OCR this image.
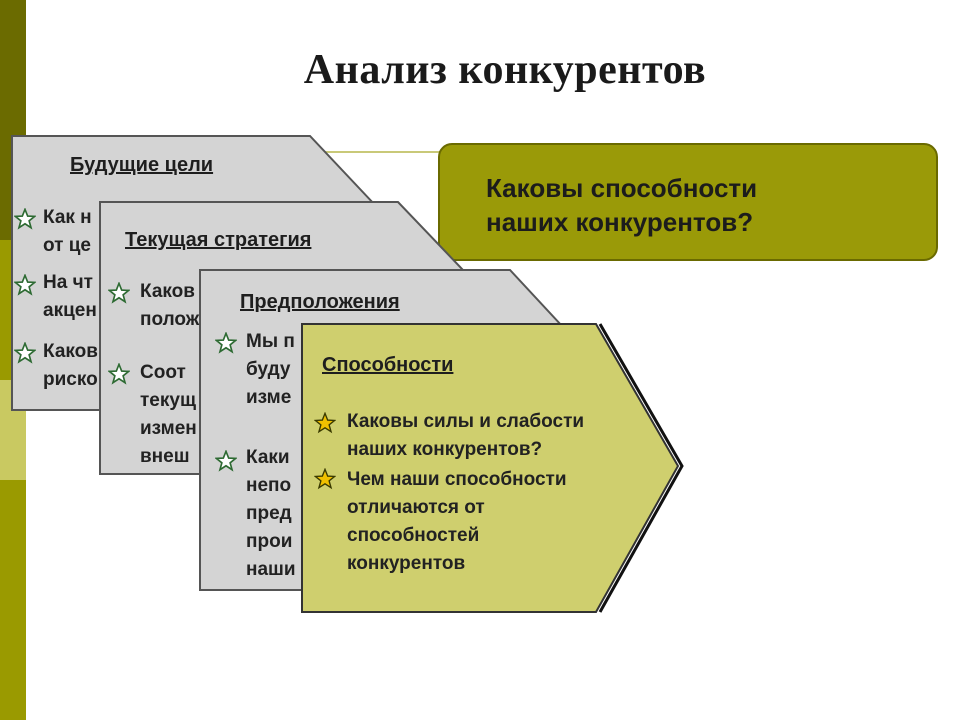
Анализ конкурентов

Каковы способности
наших конкурентов?

Будущие цели
Как н
от це
На чт
акцен
Каков
риско
Текущая стратегия
Каков
полож
Соот
текущ
измен
внеш
Предположения
Мы п
буду
изме
Каки
непо
пред
прои
наши
Способности
Каковы силы и слабости
наших конкурентов?
Чем наши способности
отличаются от
способностей
конкурентов
